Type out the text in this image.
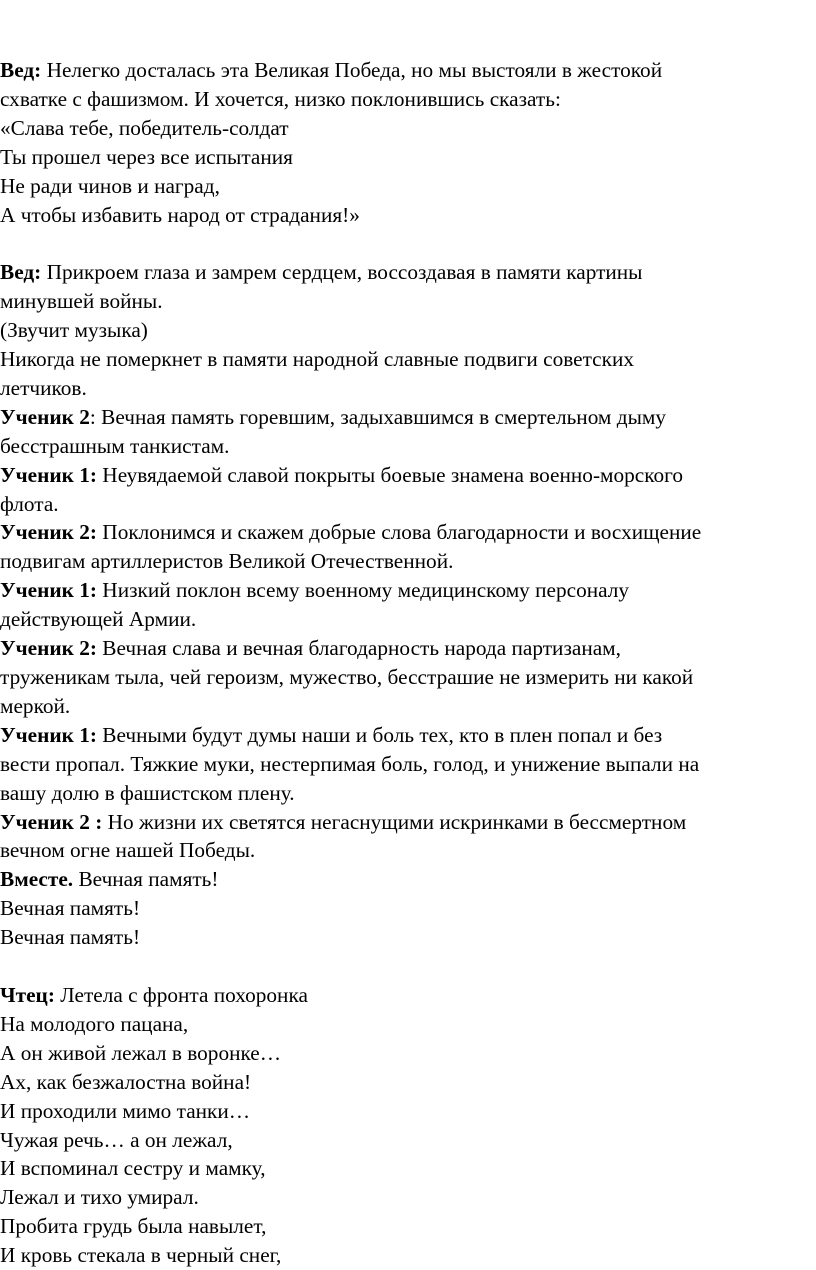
Вед: Нелегко досталась эта Великая Победа, но мы выстояли в жестокой
схватке с фашизмом. И хочется, низко поклонившись сказать:
«Слава тебе, победитель-солдат
Ты прошел через все испытания
Не ради чинов и наград,
А чтобы избавить народ от страдания!»
Вед: Прикроем глаза и замрем сердцем, воссоздавая в памяти картины
минувшей войны.
(Звучит музыка)
Никогда не померкнет в памяти народной славные подвиги советских
летчиков.
Ученик 2: Вечная память горевшим, задыхавшимся в смертельном дыму
бесстрашным танкистам.
Ученик 1: Неувядаемой славой покрыты боевые знамена военно-морского
флота.
Ученик 2: Поклонимся и скажем добрые слова благодарности и восхищение
подвигам артиллеристов Великой Отечественной.
Ученик 1: Низкий поклон всему военному медицинскому персоналу
действующей Армии.
Ученик 2: Вечная слава и вечная благодарность народа партизанам,
труженикам тыла, чей героизм, мужество, бесстрашие не измерить ни какой
меркой.
Ученик 1: Вечными будут думы наши и боль тех, кто в плен попал и без
вести пропал. Тяжкие муки, нестерпимая боль, голод, и унижение выпали на
вашу долю в фашистском плену.
Ученик 2 : Но жизни их светятся негаснущими искринками в бессмертном
вечном огне нашей Победы.
Вместе. Вечная память!
Вечная память!
Вечная память!
Чтец: Летела с фронта похоронка
На молодого пацана,
А он живой лежал в воронке…
Ах, как безжалостна война!
И проходили мимо танки…
Чужая речь… а он лежал,
И вспоминал сестру и мамку,
Лежал и тихо умирал.
Пробита грудь была навылет,
И кровь стекала в черный снег,
